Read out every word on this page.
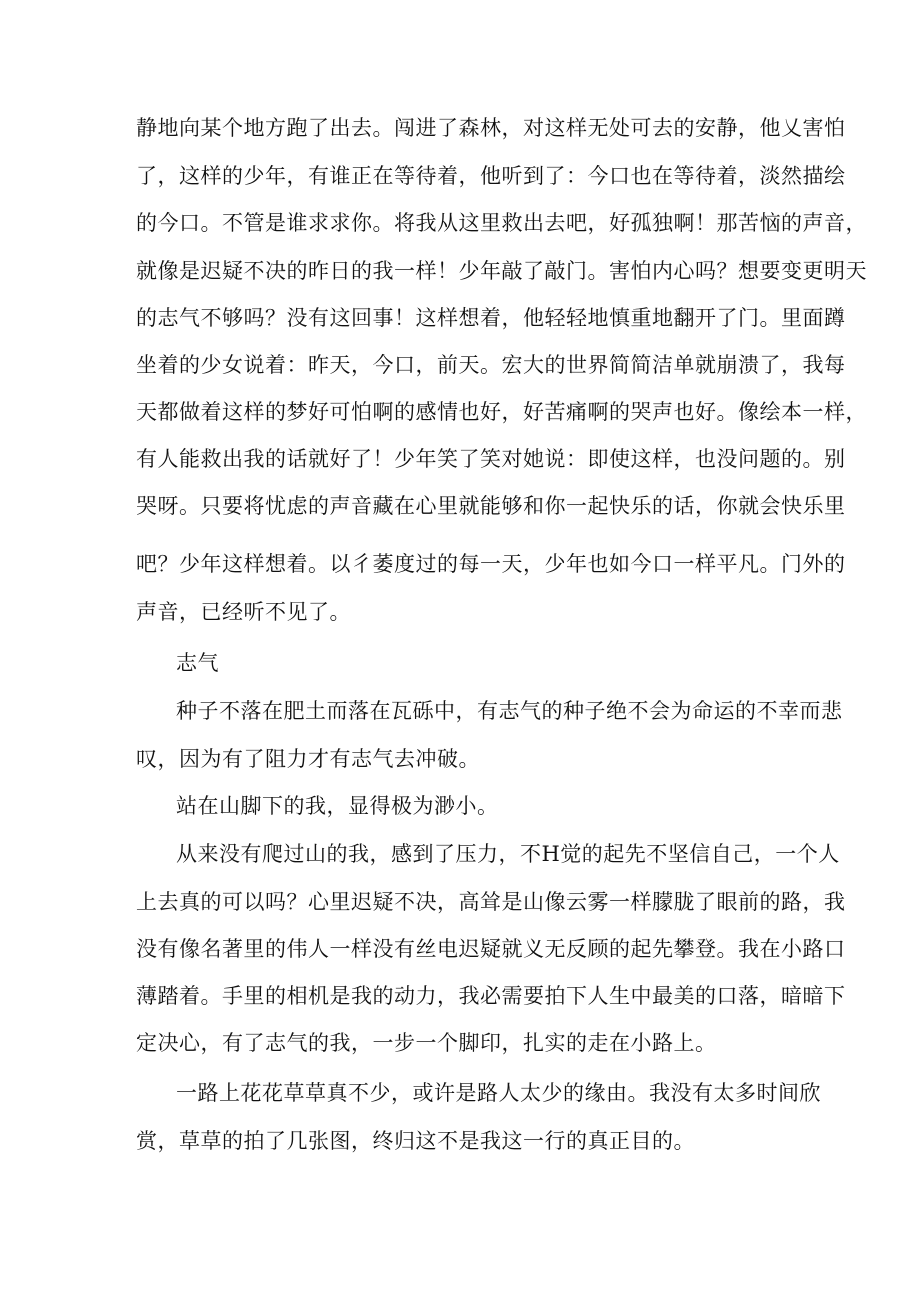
静地向某个地方跑了出去。闯进了森林，对这样无处可去的安静，他乂害怕
了，这样的少年，有谁正在等待着，他听到了：今口也在等待着，淡然描绘
的今口。不管是谁求求你。将我从这里救出去吧，好孤独啊！那苦恼的声音，
就像是迟疑不决的昨日的我一样！少年敲了敲门。害怕内心吗？想要变更明天
的志气不够吗？没有这回事！这样想着，他轻轻地慎重地翻开了门。里面蹲
坐着的少女说着：昨天，今口，前天。宏大的世界简简洁单就崩溃了，我每
天都做着这样的梦好可怕啊的感情也好，好苦痛啊的哭声也好。像绘本一样，
有人能救出我的话就好了！少年笑了笑对她说：即使这样，也没问题的。别
哭呀。只要将忧虑的声音藏在心里就能够和你一起快乐的话，你就会快乐里
吧？少年这样想着。以彳萎度过的每一天，少年也如今口一样平凡。门外的
声音，已经听不见了。
志气
种子不落在肥土而落在瓦砾中，有志气的种子绝不会为命运的不幸而悲
叹，因为有了阻力才有志气去冲破。
站在山脚下的我，显得极为渺小。
从来没有爬过山的我，感到了压力，不H觉的起先不坚信自己，一个人
上去真的可以吗？心里迟疑不决，高耸是山像云雾一样朦胧了眼前的路，我
没有像名著里的伟人一样没有丝电迟疑就义无反顾的起先攀登。我在小路口
薄踏着。手里的相机是我的动力，我必需要拍下人生中最美的口落，暗暗下
定决心，有了志气的我，一步一个脚印，扎实的走在小路上。
一路上花花草草真不少，或许是路人太少的缘由。我没有太多时间欣
赏，草草的拍了几张图，终归这不是我这一行的真正目的。
